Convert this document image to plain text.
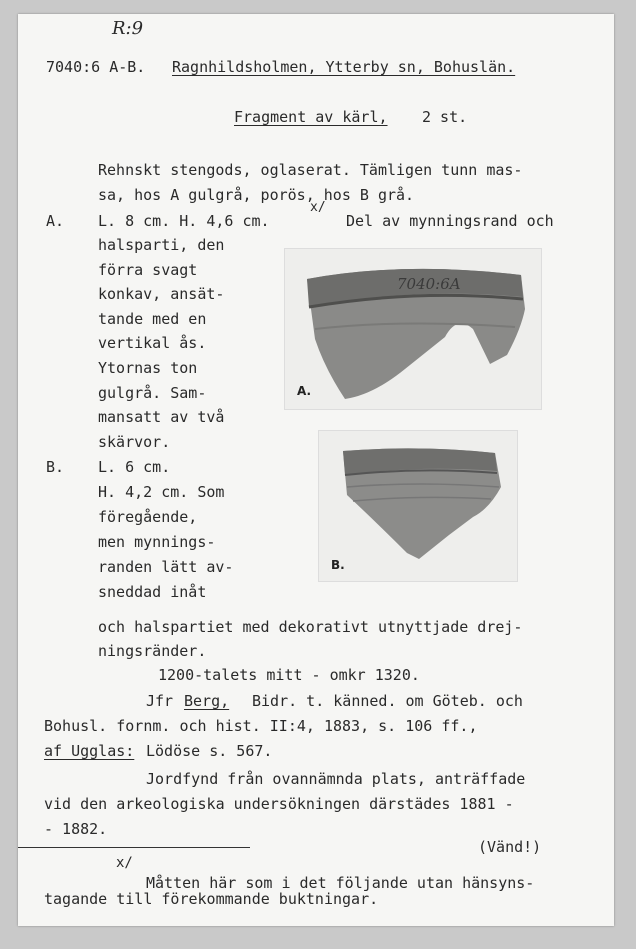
R:9
7040:6 A-B. Ragnhildsholmen, Ytterby sn, Bohuslän.
Fragment av kärl, 2 st.
Rehnskt stengods, oglaserat. Tämligen tunn mas-
sa, hos A gulgrå, porös, hos B grå.
x/
A. L. 8 cm. H. 4,6 cm.	Del av mynningsrand och
halsparti, den
förra svagt
konkav, ansät-
tande med en
vertikal ås.
Ytornas ton
gulgrå. Sam-
mansatt av två
skärvor.
B. L. 6 cm.
H. 4,2 cm. Som
föregående,
men mynnings-
randen lätt av-
sneddad inåt
7040:6A
A.
B.
och halspartiet med dekorativt utnyttjade drej-
ningsränder.
1200-talets mitt - omkr 1320.
Jfr Berg, Bidr. t. känned. om Göteb. och
Bohusl. fornm. och hist. II:4, 1883, s. 106 ff.,
af Ugglas: Lödöse s. 567.
Jordfynd från ovannämnda plats, anträffade
vid den arkeologiska undersökningen därstädes 1881 -
- 1882.
(Vänd!)
x/
Måtten här som i det följande utan hänsyns-
tagande till förekommande buktningar.
